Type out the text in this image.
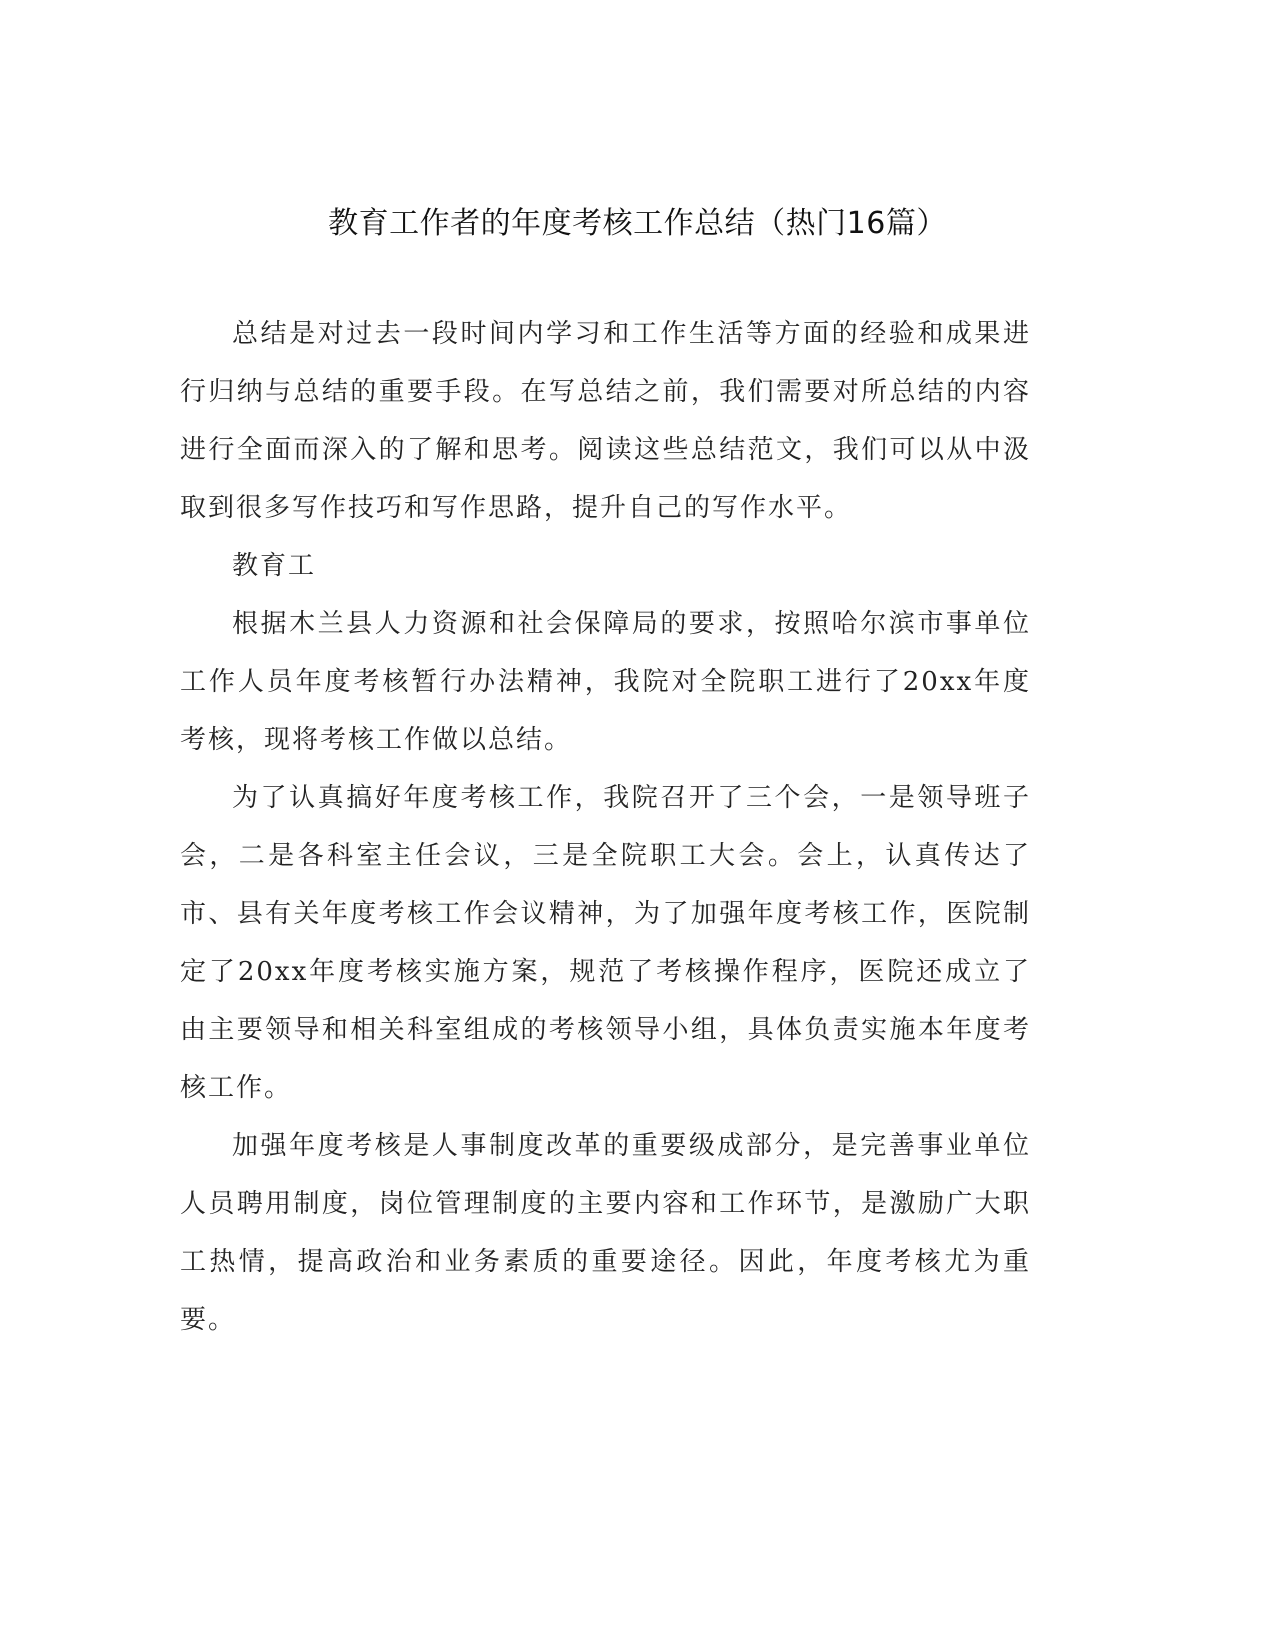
教育工作者的年度考核工作总结（热门16篇）

总结是对过去一段时间内学习和工作生活等方面的经验和成果进行归纳与总结的重要手段。在写总结之前，我们需要对所总结的内容进行全面而深入的了解和思考。阅读这些总结范文，我们可以从中汲取到很多写作技巧和写作思路，提升自己的写作水平。

教育工

根据木兰县人力资源和社会保障局的要求，按照哈尔滨市事单位工作人员年度考核暂行办法精神，我院对全院职工进行了20xx年度考核，现将考核工作做以总结。

为了认真搞好年度考核工作，我院召开了三个会，一是领导班子会，二是各科室主任会议，三是全院职工大会。会上，认真传达了市、县有关年度考核工作会议精神，为了加强年度考核工作，医院制定了20xx年度考核实施方案，规范了考核操作程序，医院还成立了由主要领导和相关科室组成的考核领导小组，具体负责实施本年度考核工作。

加强年度考核是人事制度改革的重要级成部分，是完善事业单位人员聘用制度，岗位管理制度的主要内容和工作环节，是激励广大职工热情，提高政治和业务素质的重要途径。因此，年度考核尤为重要。
